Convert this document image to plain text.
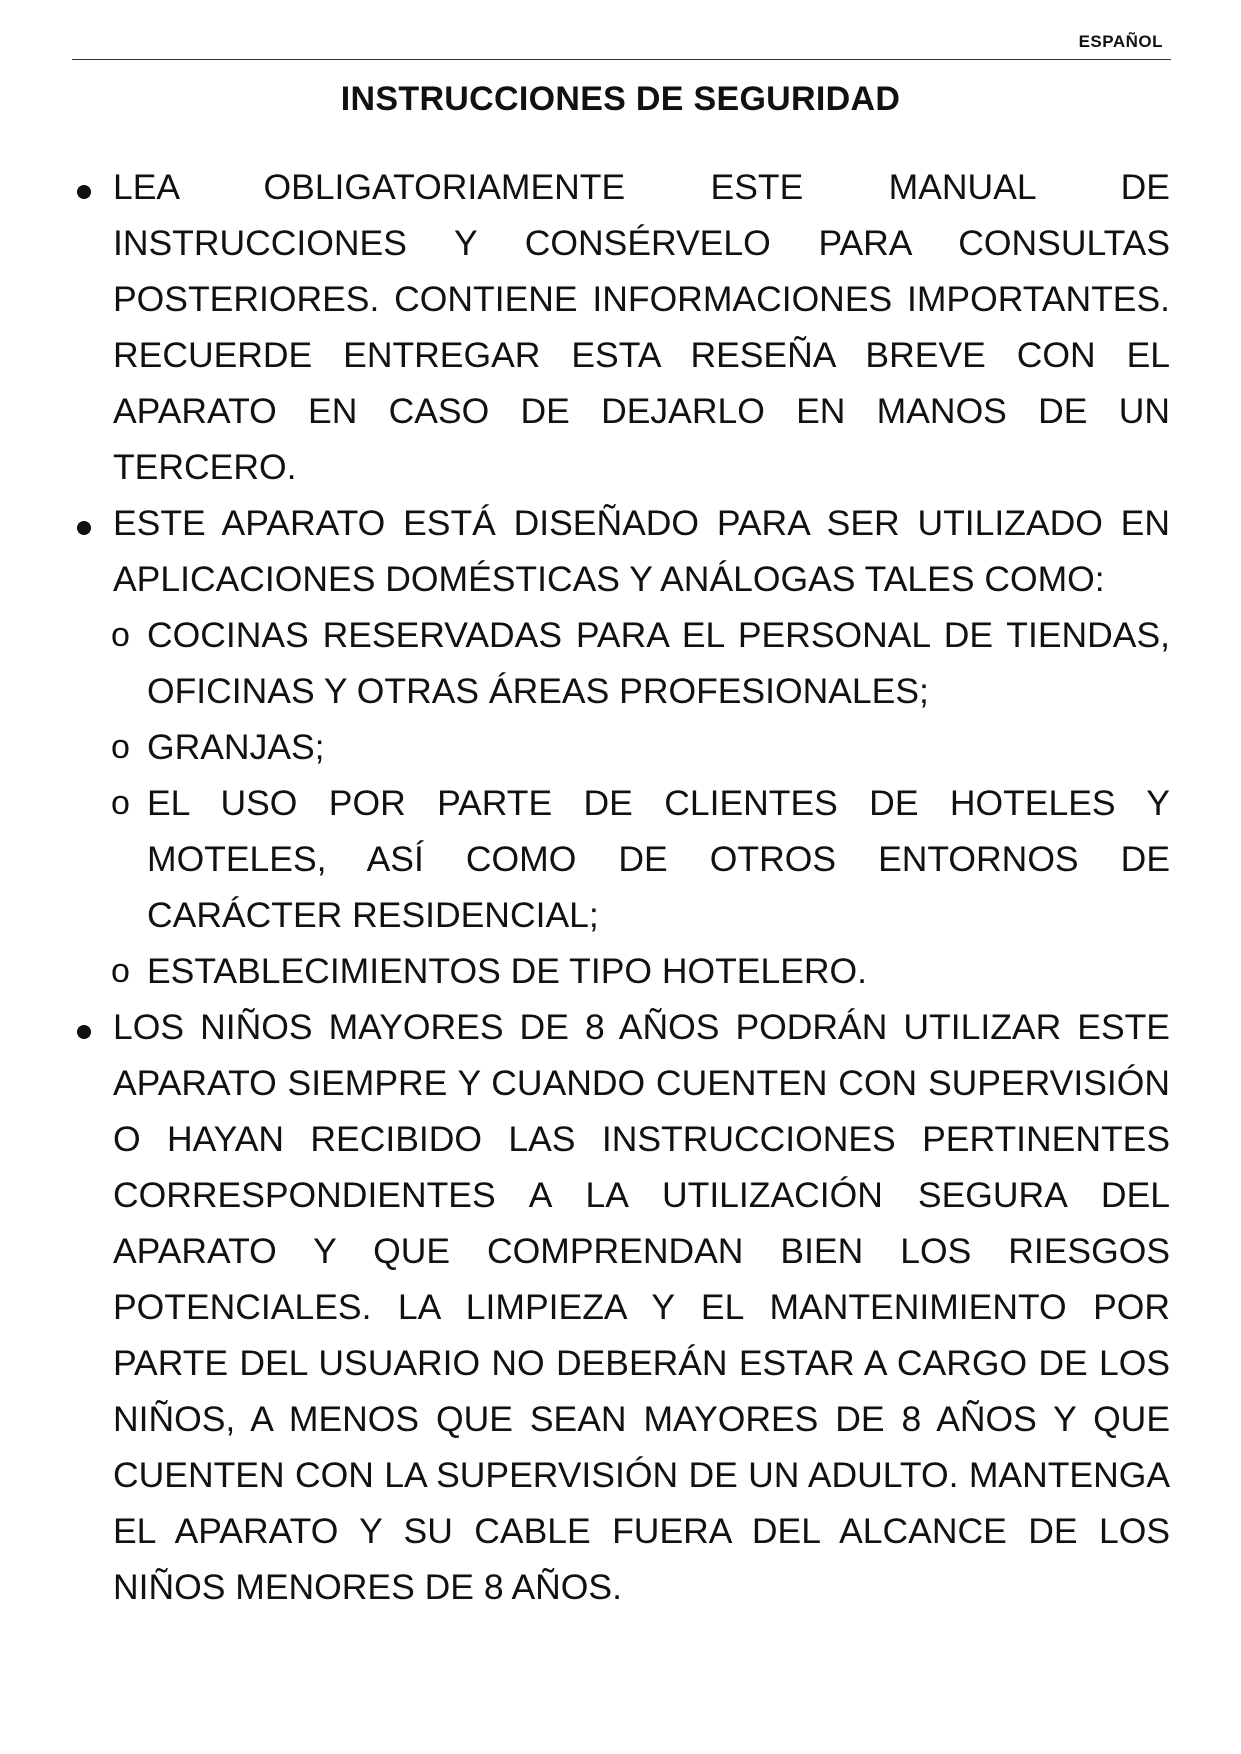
ESPAÑOL
INSTRUCCIONES DE SEGURIDAD

LEA OBLIGATORIAMENTE ESTE MANUAL DE INSTRUCCIONES Y CONSÉRVELO PARA CONSULTAS POSTERIORES. CONTIENE INFORMACIONES IMPORTANTES. RECUERDE ENTREGAR ESTA RESEÑA BREVE CON EL APARATO EN CASO DE DEJARLO EN MANOS DE UN TERCERO.

ESTE APARATO ESTÁ DISEÑADO PARA SER UTILIZADO EN APLICACIONES DOMÉSTICAS Y ANÁLOGAS TALES COMO:

o COCINAS RESERVADAS PARA EL PERSONAL DE TIENDAS, OFICINAS Y OTRAS ÁREAS PROFESIONALES;

o GRANJAS;

o EL USO POR PARTE DE CLIENTES DE HOTELES Y MOTELES, ASÍ COMO DE OTROS ENTORNOS DE CARÁCTER RESIDENCIAL;

o ESTABLECIMIENTOS DE TIPO HOTELERO.

LOS NIÑOS MAYORES DE 8 AÑOS PODRÁN UTILIZAR ESTE APARATO SIEMPRE Y CUANDO CUENTEN CON SUPERVISIÓN O HAYAN RECIBIDO LAS INSTRUCCIONES PERTINENTES CORRESPONDIENTES A LA UTILIZACIÓN SEGURA DEL APARATO Y QUE COMPRENDAN BIEN LOS RIESGOS POTENCIALES. LA LIMPIEZA Y EL MANTENIMIENTO POR PARTE DEL USUARIO NO DEBERÁN ESTAR A CARGO DE LOS NIÑOS, A MENOS QUE SEAN MAYORES DE 8 AÑOS Y QUE CUENTEN CON LA SUPERVISIÓN DE UN ADULTO. MANTENGA EL APARATO Y SU CABLE FUERA DEL ALCANCE DE LOS NIÑOS MENORES DE 8 AÑOS.
